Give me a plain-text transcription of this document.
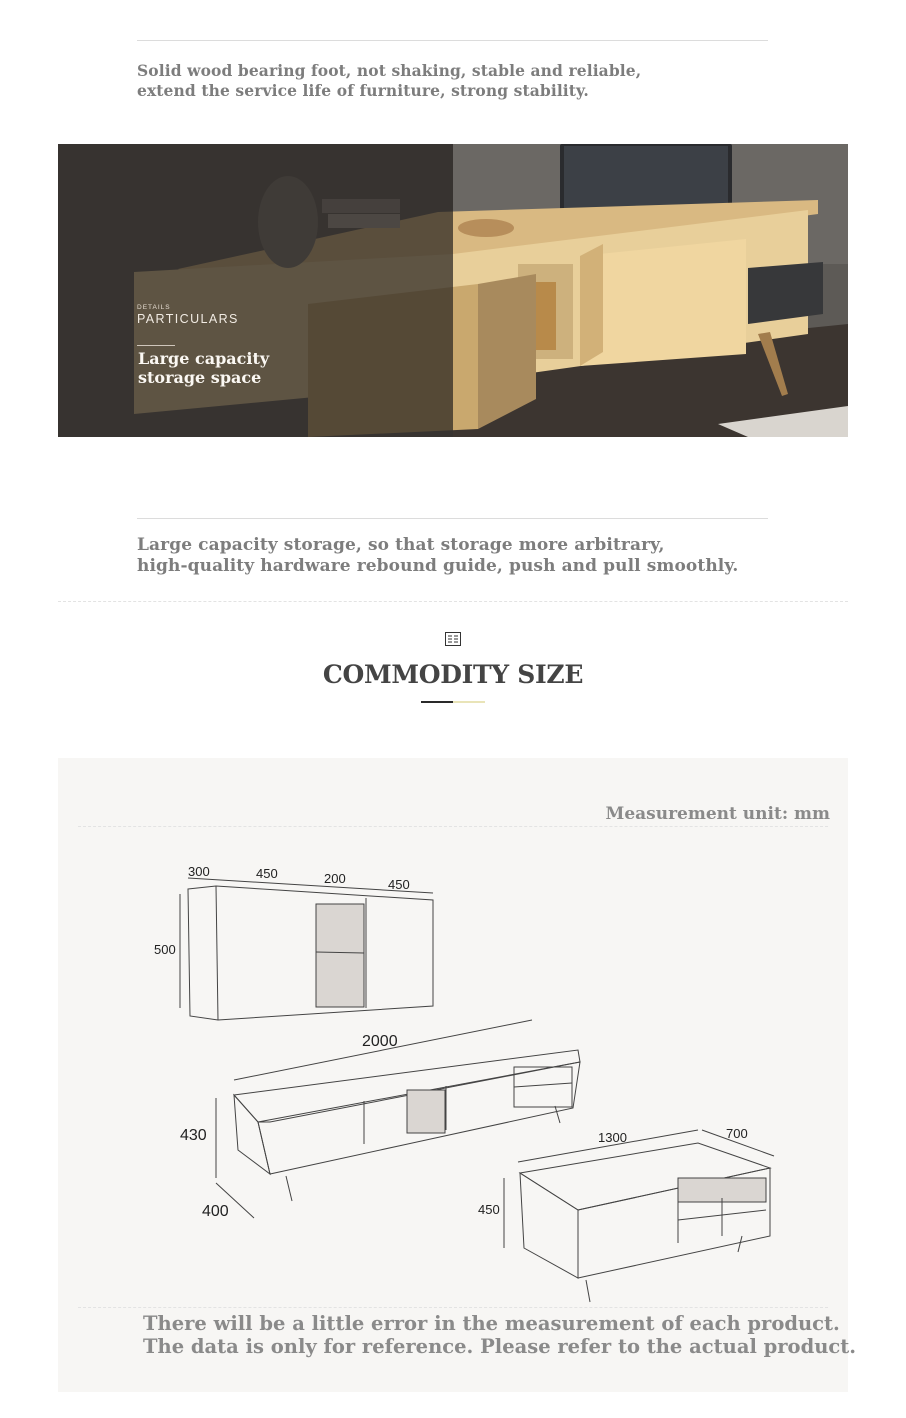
Solid wood bearing foot, not shaking, stable and reliable,
extend the service life of furniture, strong stability.
DETAILS
PARTICULARS
Large capacity
storage space
Large capacity storage, so that storage more arbitrary,
high-quality hardware rebound guide, push and pull smoothly.
COMMODITY SIZE
Measurement unit: mm
300	450	200	450
500
2000
430
400
1300	700
450
There will be a little error in the measurement of each product.
The data is only for reference. Please refer to the actual product.
